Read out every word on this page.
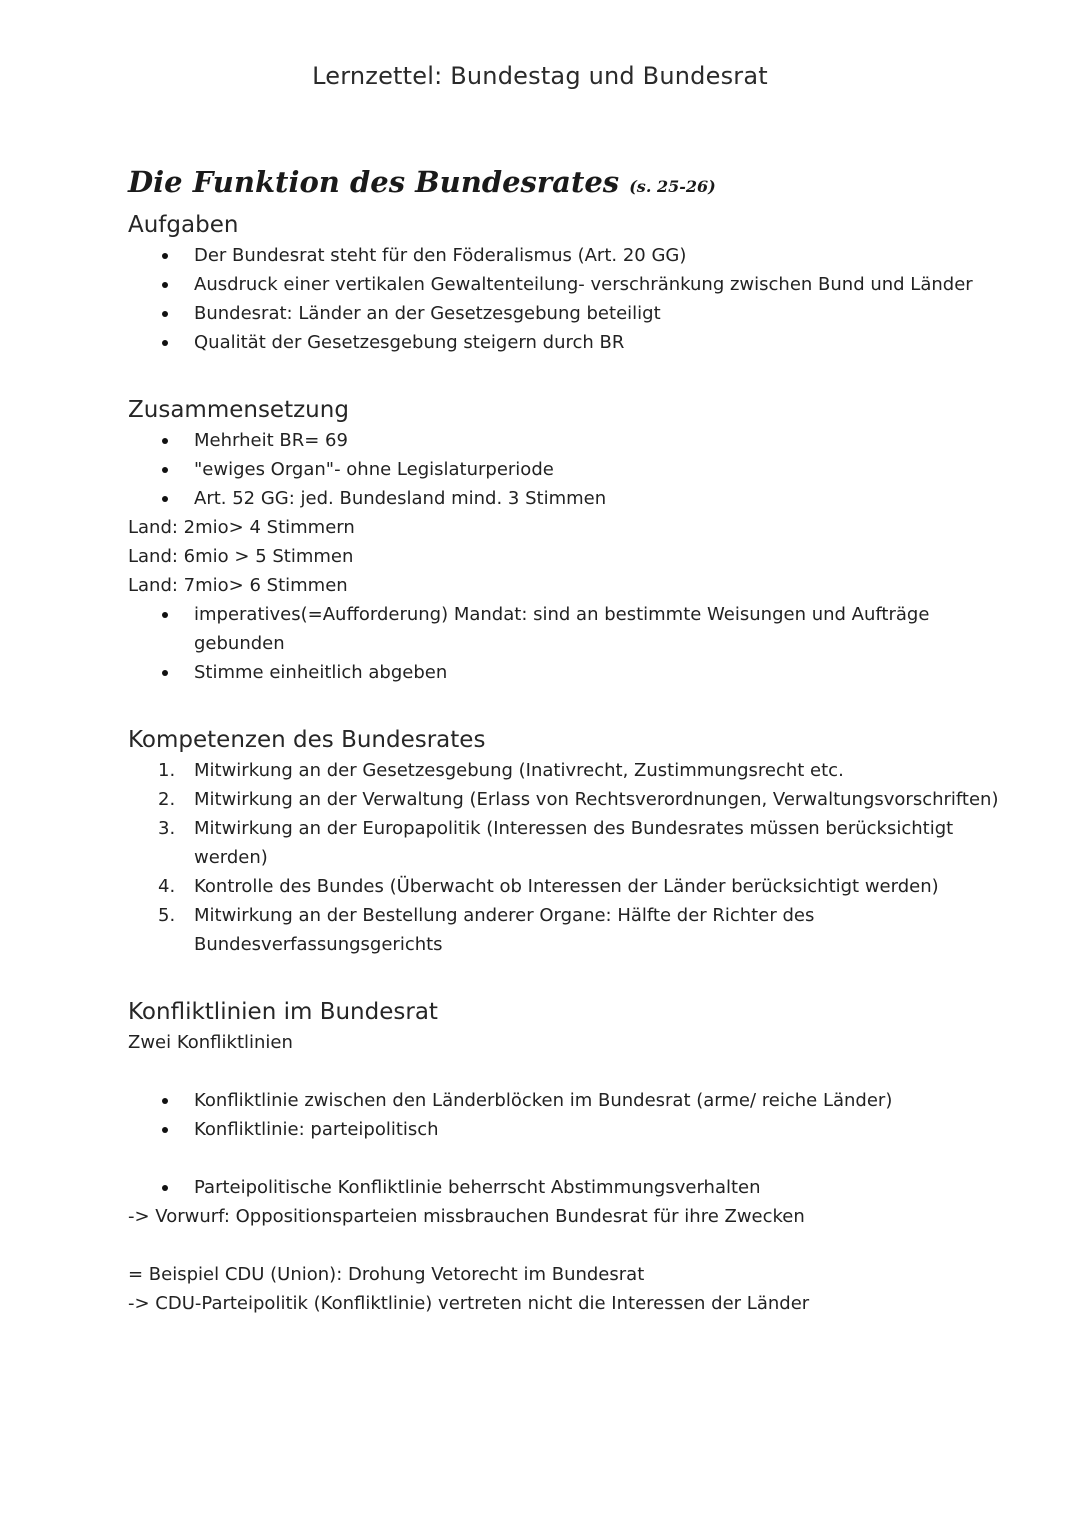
Lernzettel: Bundestag und Bundesrat
Die Funktion des Bundesrates (s. 25-26)
Aufgaben
Der Bundesrat steht für den Föderalismus (Art. 20 GG)
Ausdruck einer vertikalen Gewaltenteilung- verschränkung zwischen Bund und Länder
Bundesrat: Länder an der Gesetzesgebung beteiligt
Qualität der Gesetzesgebung steigern durch BR
Zusammensetzung
Mehrheit BR= 69
"ewiges Organ"- ohne Legislaturperiode
Art. 52 GG: jed. Bundesland mind. 3 Stimmen

Land: 2mio> 4 Stimmern

Land: 6mio > 5 Stimmen

Land: 7mio> 6 Stimmen

imperatives(=Aufforderung) Mandat: sind an bestimmte Weisungen und Aufträge gebunden
Stimme einheitlich abgeben
Kompetenzen des Bundesrates
1. Mitwirkung an der Gesetzesgebung (Inativrecht, Zustimmungsrecht etc.
2. Mitwirkung an der Verwaltung (Erlass von Rechtsverordnungen, Verwaltungsvorschriften)
3. Mitwirkung an der Europapolitik (Interessen des Bundesrates müssen berücksichtigt werden)
4. Kontrolle des Bundes (Überwacht ob Interessen der Länder berücksichtigt werden)
5. Mitwirkung an der Bestellung anderer Organe: Hälfte der Richter des Bundesverfassungsgerichts
Konfliktlinien im Bundesrat

Zwei Konfliktlinien

Konfliktlinie zwischen den Länderblöcken im Bundesrat (arme/ reiche Länder)
Konfliktlinie: parteipolitisch
Parteipolitische Konfliktlinie beherrscht Abstimmungsverhalten

-> Vorwurf: Oppositionsparteien missbrauchen Bundesrat für ihre Zwecken

= Beispiel CDU (Union): Drohung Vetorecht im Bundesrat

-> CDU-Parteipolitik (Konfliktlinie) vertreten nicht die Interessen der Länder
